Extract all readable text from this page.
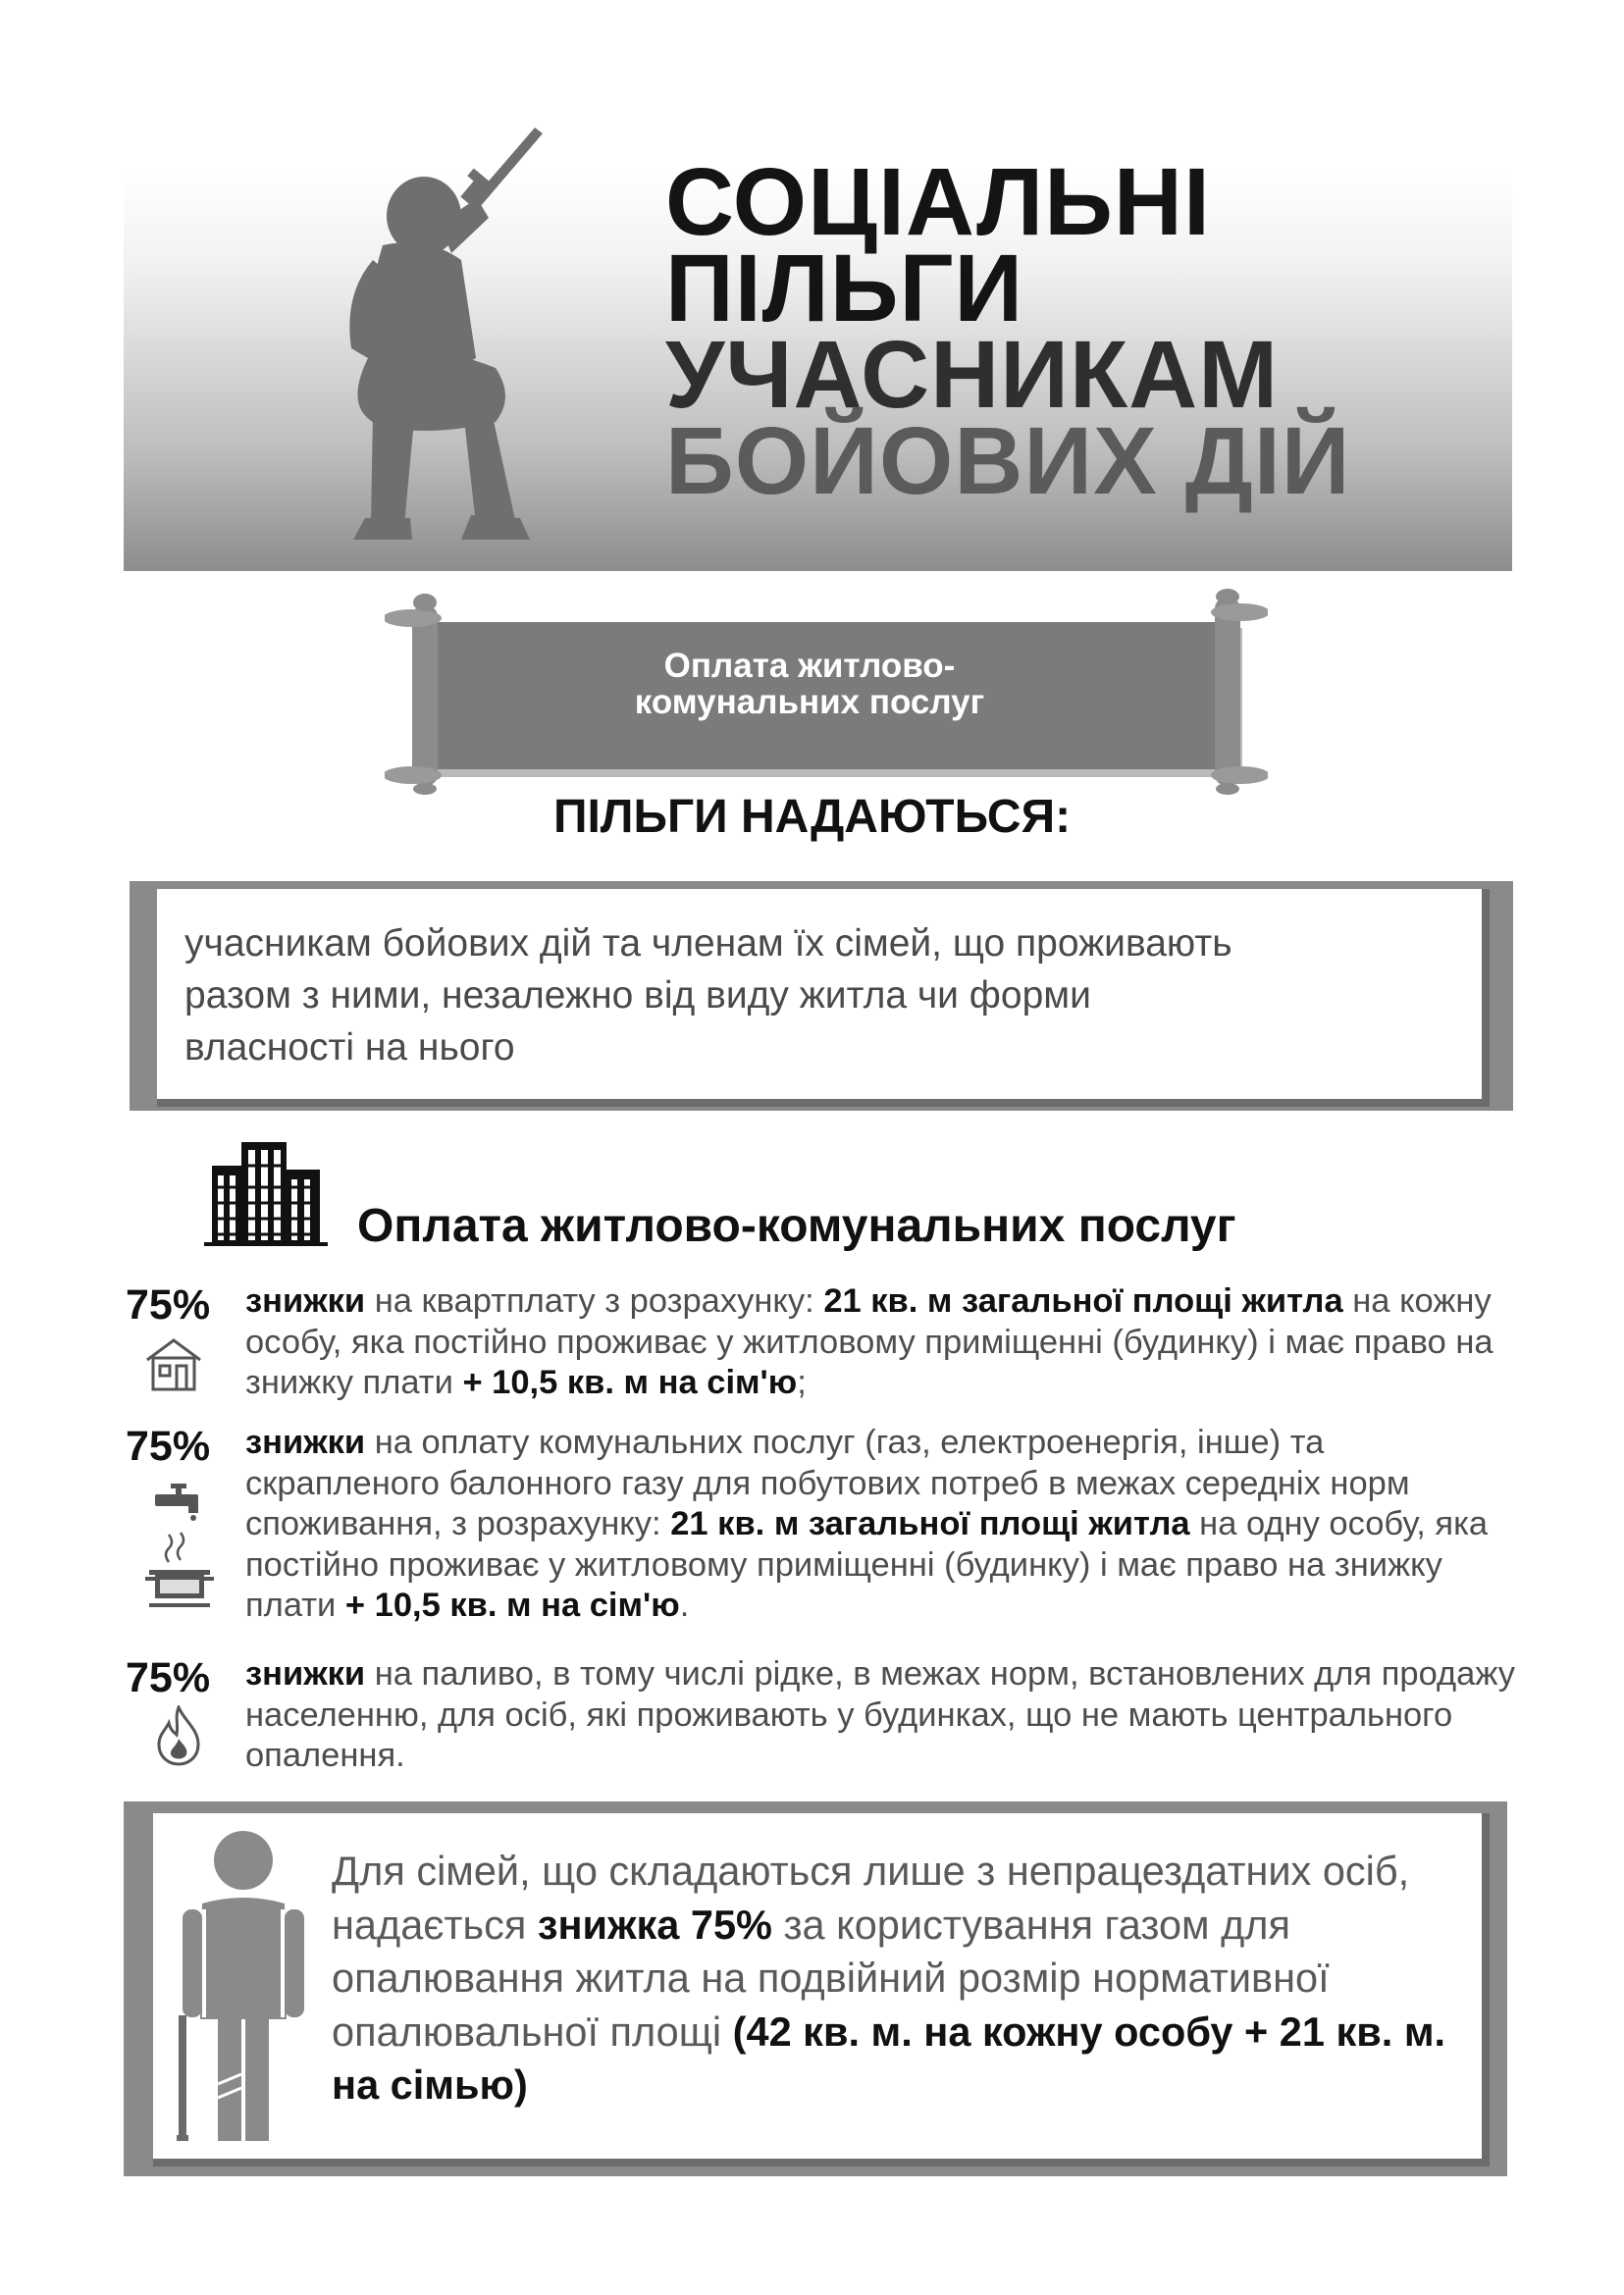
СОЦІАЛЬНІ
ПІЛЬГИ
УЧАСНИКАМ
БОЙОВИХ ДІЙ
Оплата житлово-
комунальних послуг
ПІЛЬГИ НАДАЮТЬСЯ:
учасникам бойових дій та членам їх сімей, що проживають
разом з ними, незалежно від виду житла чи форми
власності на нього
Оплата житлово-комунальних послуг
75% знижки на квартплату з розрахунку: 21 кв. м загальної площі житла на кожну особу, яка постійно проживає у житловому приміщенні (будинку) і має право на знижку плати + 10,5 кв. м на сім'ю;
75% знижки на оплату комунальних послуг (газ, електроенергія, інше) та скрапленого балонного газу для побутових потреб в межах середніх норм споживання, з розрахунку: 21 кв. м загальної площі житла на одну особу, яка постійно проживає у житловому приміщенні (будинку) і має право на знижку плати + 10,5 кв. м на сім'ю.
75% знижки на паливо, в тому числі рідке, в межах норм, встановлених для продажу населенню, для осіб, які проживають у будинках, що не мають центрального опалення.
Для сімей, що складаються лише з непрацездатних осіб, надається знижка 75% за користування газом для опалювання житла на подвійний розмір нормативної опалювальної площі (42 кв. м. на кожну особу + 21 кв. м. на сімью)
